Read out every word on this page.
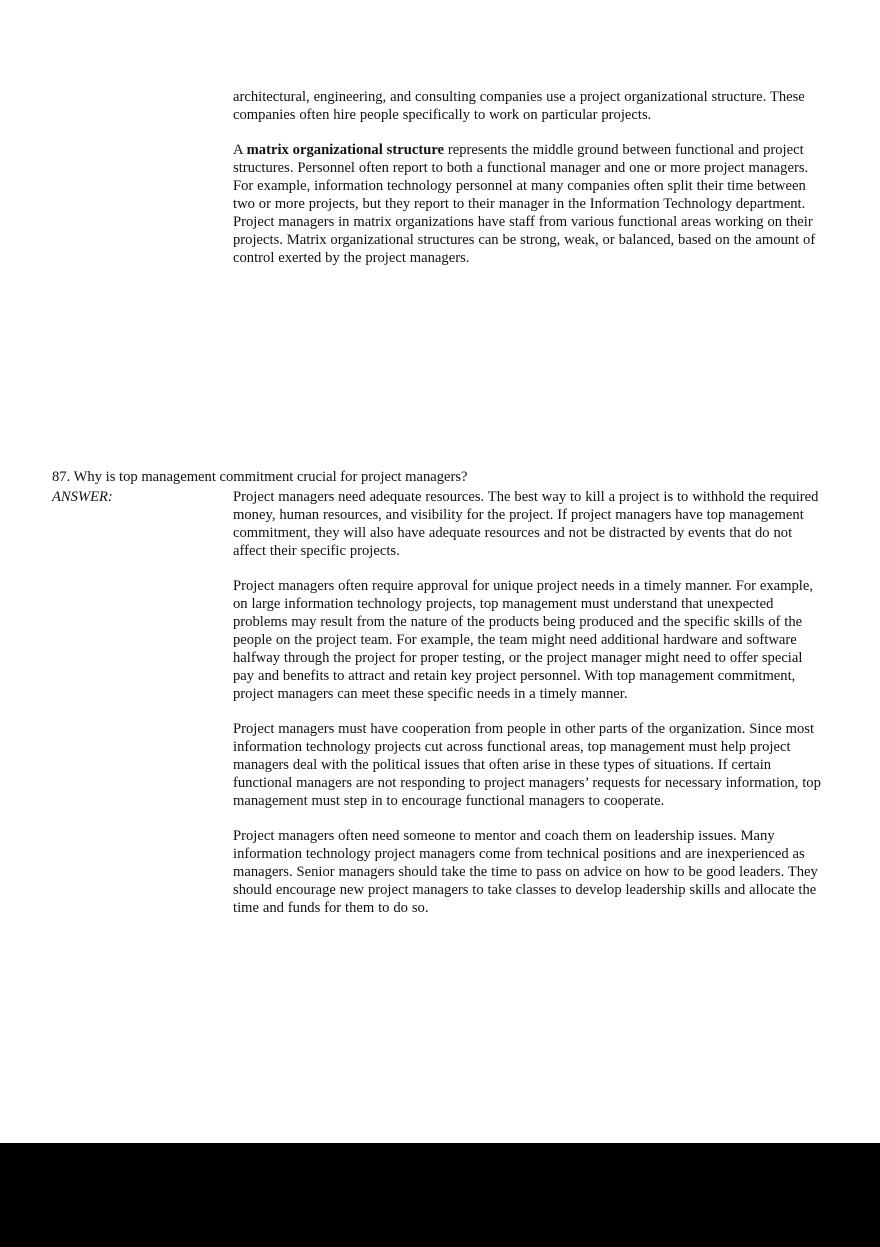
architectural, engineering, and consulting companies use a project organizational structure. These companies often hire people specifically to work on particular projects.

A matrix organizational structure represents the middle ground between functional and project structures. Personnel often report to both a functional manager and one or more project managers. For example, information technology personnel at many companies often split their time between two or more projects, but they report to their manager in the Information Technology department. Project managers in matrix organizations have staff from various functional areas working on their projects. Matrix organizational structures can be strong, weak, or balanced, based on the amount of control exerted by the project managers.

87. Why is top management commitment crucial for project managers?
ANSWER:	Project managers need adequate resources. The best way to kill a project is to withhold the required money, human resources, and visibility for the project. If project managers have top management commitment, they will also have adequate resources and not be distracted by events that do not affect their specific projects.

Project managers often require approval for unique project needs in a timely manner. For example, on large information technology projects, top management must understand that unexpected problems may result from the nature of the products being produced and the specific skills of the people on the project team. For example, the team might need additional hardware and software halfway through the project for proper testing, or the project manager might need to offer special pay and benefits to attract and retain key project personnel. With top management commitment, project managers can meet these specific needs in a timely manner.

Project managers must have cooperation from people in other parts of the organization. Since most information technology projects cut across functional areas, top management must help project managers deal with the political issues that often arise in these types of situations. If certain functional managers are not responding to project managers’ requests for necessary information, top management must step in to encourage functional managers to cooperate.

Project managers often need someone to mentor and coach them on leadership issues. Many information technology project managers come from technical positions and are inexperienced as managers. Senior managers should take the time to pass on advice on how to be good leaders. They should encourage new project managers to take classes to develop leadership skills and allocate the time and funds for them to do so.
